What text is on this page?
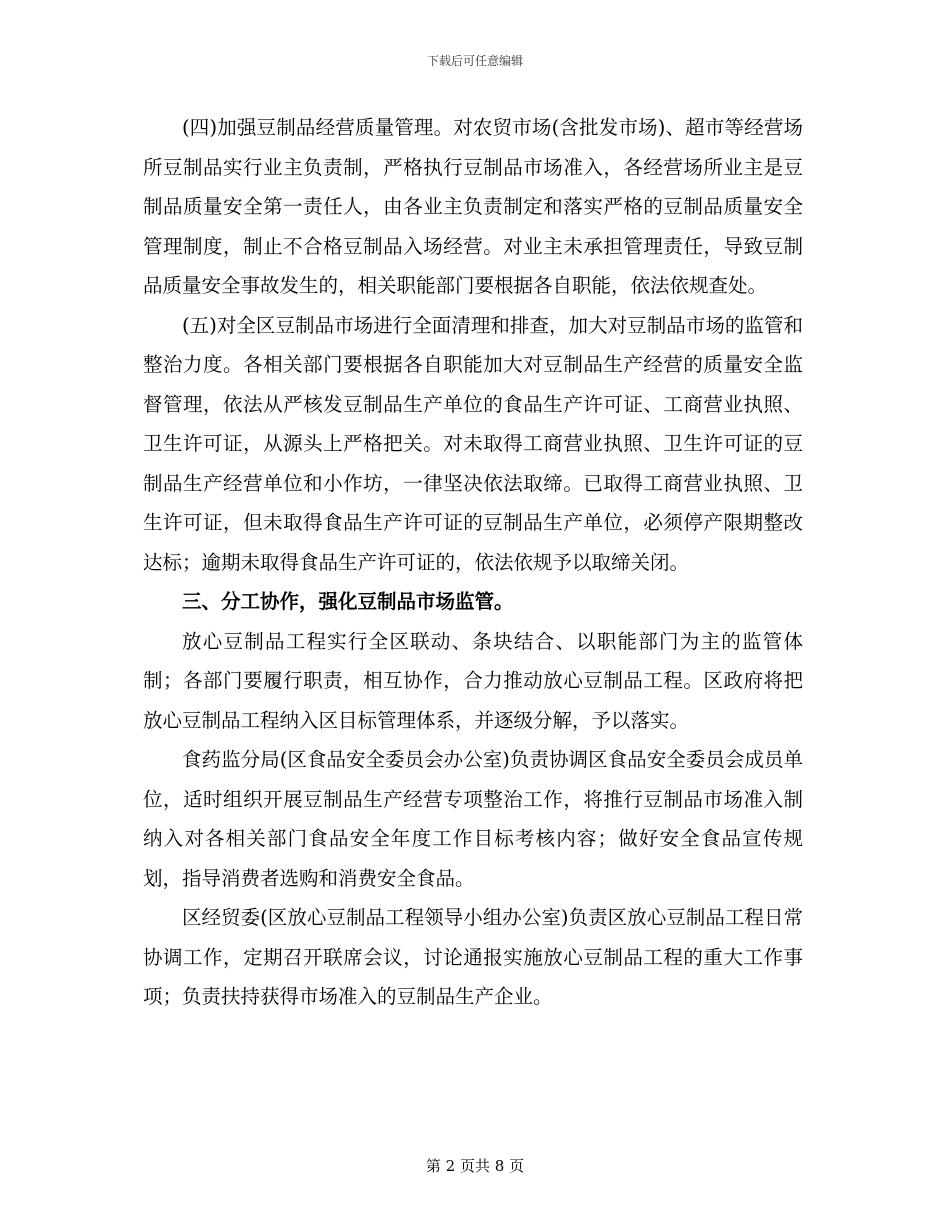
下载后可任意编辑

(四)加强豆制品经营质量管理。对农贸市场(含批发市场)、超市等经营场所豆制品实行业主负责制，严格执行豆制品市场准入，各经营场所业主是豆制品质量安全第一责任人，由各业主负责制定和落实严格的豆制品质量安全管理制度，制止不合格豆制品入场经营。对业主未承担管理责任，导致豆制品质量安全事故发生的，相关职能部门要根据各自职能，依法依规查处。

(五)对全区豆制品市场进行全面清理和排查，加大对豆制品市场的监管和整治力度。各相关部门要根据各自职能加大对豆制品生产经营的质量安全监督管理，依法从严核发豆制品生产单位的食品生产许可证、工商营业执照、卫生许可证，从源头上严格把关。对未取得工商营业执照、卫生许可证的豆制品生产经营单位和小作坊，一律坚决依法取缔。已取得工商营业执照、卫生许可证，但未取得食品生产许可证的豆制品生产单位，必须停产限期整改达标；逾期未取得食品生产许可证的，依法依规予以取缔关闭。

三、分工协作，强化豆制品市场监管。

放心豆制品工程实行全区联动、条块结合、以职能部门为主的监管体制；各部门要履行职责，相互协作，合力推动放心豆制品工程。区政府将把放心豆制品工程纳入区目标管理体系，并逐级分解，予以落实。

食药监分局(区食品安全委员会办公室)负责协调区食品安全委员会成员单位，适时组织开展豆制品生产经营专项整治工作，将推行豆制品市场准入制纳入对各相关部门食品安全年度工作目标考核内容；做好安全食品宣传规划，指导消费者选购和消费安全食品。

区经贸委(区放心豆制品工程领导小组办公室)负责区放心豆制品工程日常协调工作，定期召开联席会议，讨论通报实施放心豆制品工程的重大工作事项；负责扶持获得市场准入的豆制品生产企业。

第 2 页共 8 页
